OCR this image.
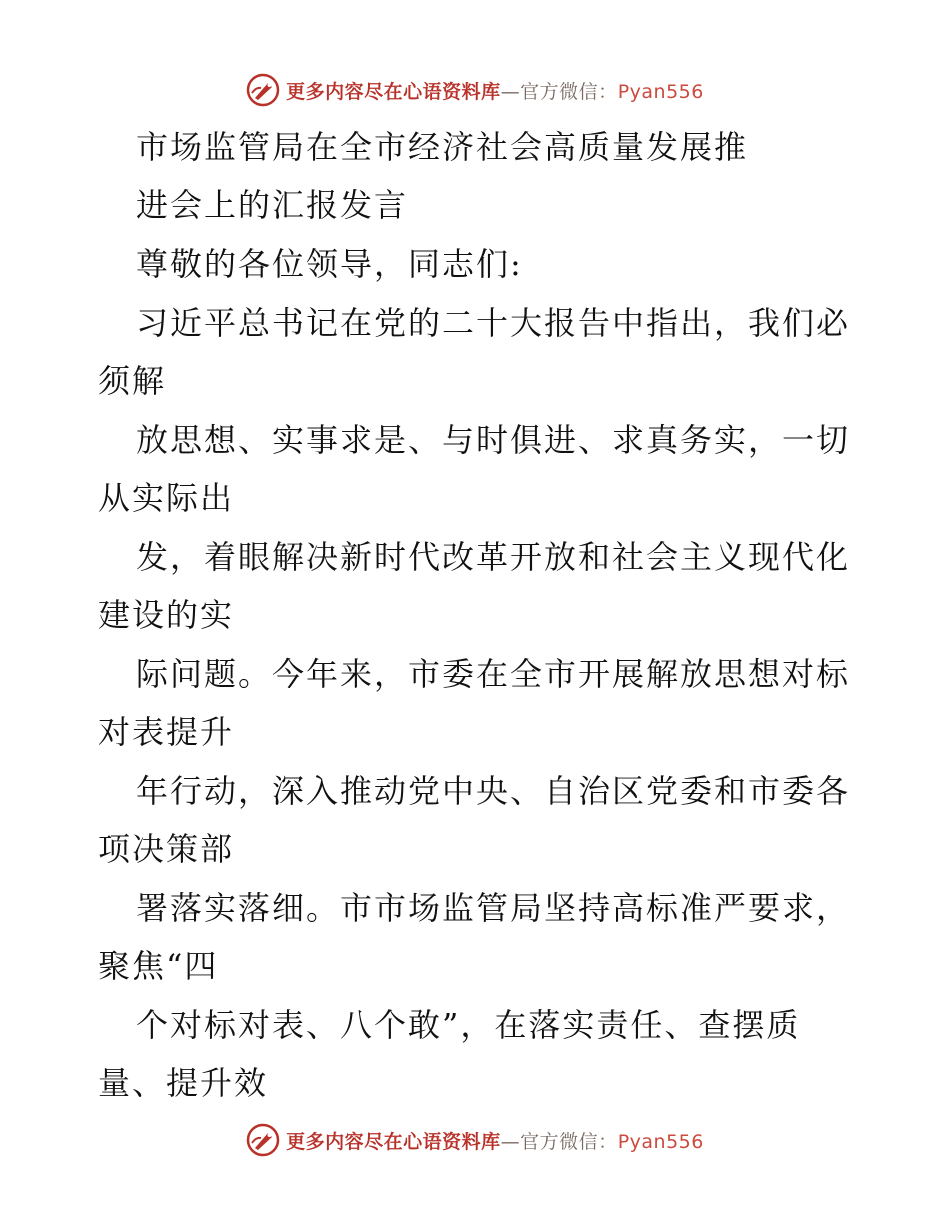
更多内容尽在心语资料库—官方微信：Pyan556
市场监管局在全市经济社会高质量发展推
进会上的汇报发言
尊敬的各位领导，同志们:
习近平总书记在党的二十大报告中指出，我们必
须解
放思想、实事求是、与时俱进、求真务实，一切
从实际出
发，着眼解决新时代改革开放和社会主义现代化
建设的实
际问题。今年来，市委在全市开展解放思想对标
对表提升
年行动，深入推动党中央、自治区党委和市委各
项决策部
署落实落细。市市场监管局坚持高标准严要求，
聚焦“四
个对标对表、八个敢”，在落实责任、查摆质
量、提升效
更多内容尽在心语资料库—官方微信：Pyan556
